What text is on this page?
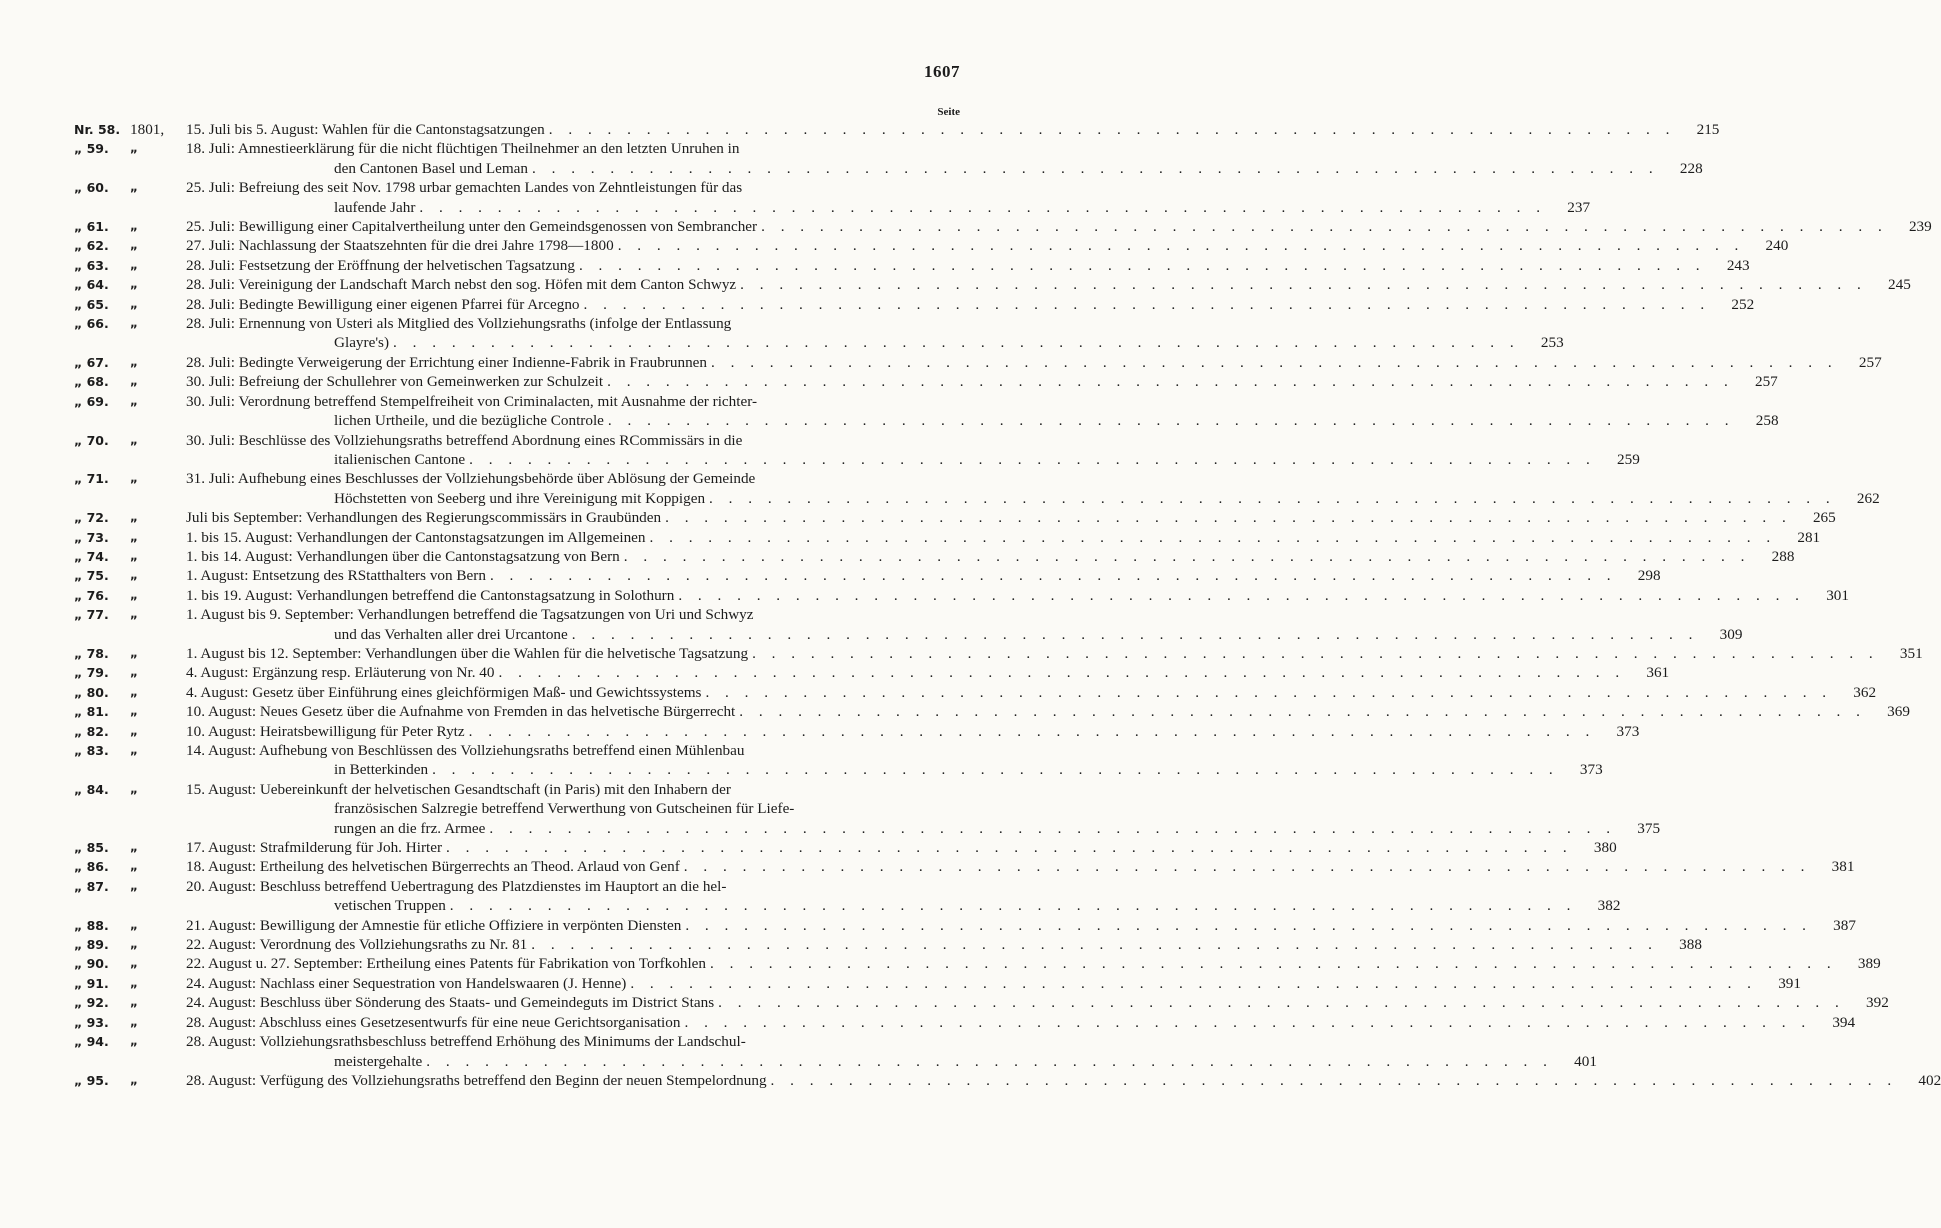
1607
Seite
Nr. 58. 1801,	15. Juli bis 5. August: Wahlen für die Cantonstagsatzungen . . . . . . . . . . . . . . . . . . . . . . . . . . . . . . . . . . . . . . . . . . . . . . . . . . . . . . . . . .	215
„ 59.	„	18. Juli: Amnestieerklärung für die nicht flüchtigen Theilnehmer an den letzten Unruhen in
den Cantonen Basel und Leman . . . . . . . . . . . . . . . . . . . . . . . . . . . . . . . . . . . . . . . . . . . . . . . . . . . . . . . . . .	228
„ 60.	„	25. Juli: Befreiung des seit Nov. 1798 urbar gemachten Landes von Zehntleistungen für das
laufende Jahr . . . . . . . . . . . . . . . . . . . . . . . . . . . . . . . . . . . . . . . . . . . . . . . . . . . . . . . . . .	237
„ 61.	„	25. Juli: Bewilligung einer Capitalvertheilung unter den Gemeindsgenossen von Sembrancher . . . . . . . . . . . . . . . . . . . . . . . . . . . . . . . . . . . . . . . . . . . . . . . . . . . . . . . . . .	239
„ 62.	„	27. Juli: Nachlassung der Staatszehnten für die drei Jahre 1798—1800 . . . . . . . . . . . . . . . . . . . . . . . . . . . . . . . . . . . . . . . . . . . . . . . . . . . . . . . . . .	240
„ 63.	„	28. Juli: Festsetzung der Eröffnung der helvetischen Tagsatzung . . . . . . . . . . . . . . . . . . . . . . . . . . . . . . . . . . . . . . . . . . . . . . . . . . . . . . . . . .	243
„ 64.	„	28. Juli: Vereinigung der Landschaft March nebst den sog. Höfen mit dem Canton Schwyz . . . . . . . . . . . . . . . . . . . . . . . . . . . . . . . . . . . . . . . . . . . . . . . . . . . . . . . . . .	245
„ 65.	„	28. Juli: Bedingte Bewilligung einer eigenen Pfarrei für Arcegno . . . . . . . . . . . . . . . . . . . . . . . . . . . . . . . . . . . . . . . . . . . . . . . . . . . . . . . . . .	252
„ 66.	„	28. Juli: Ernennung von Usteri als Mitglied des Vollziehungsraths (infolge der Entlassung
Glayre's) . . . . . . . . . . . . . . . . . . . . . . . . . . . . . . . . . . . . . . . . . . . . . . . . . . . . . . . . . .	253
„ 67.	„	28. Juli: Bedingte Verweigerung der Errichtung einer Indienne-Fabrik in Fraubrunnen . . . . . . . . . . . . . . . . . . . . . . . . . . . . . . . . . . . . . . . . . . . . . . . . . . . . . . . . . .	257
„ 68.	„	30. Juli: Befreiung der Schullehrer von Gemeinwerken zur Schulzeit . . . . . . . . . . . . . . . . . . . . . . . . . . . . . . . . . . . . . . . . . . . . . . . . . . . . . . . . . .	257
„ 69.	„	30. Juli: Verordnung betreffend Stempelfreiheit von Criminalacten, mit Ausnahme der richter-
lichen Urtheile, und die bezügliche Controle . . . . . . . . . . . . . . . . . . . . . . . . . . . . . . . . . . . . . . . . . . . . . . . . . . . . . . . . . .	258
„ 70.	„	30. Juli: Beschlüsse des Vollziehungsraths betreffend Abordnung eines RCommissärs in die
italienischen Cantone . . . . . . . . . . . . . . . . . . . . . . . . . . . . . . . . . . . . . . . . . . . . . . . . . . . . . . . . . .	259
„ 71.	„	31. Juli: Aufhebung eines Beschlusses der Vollziehungsbehörde über Ablösung der Gemeinde
Höchstetten von Seeberg und ihre Vereinigung mit Koppigen . . . . . . . . . . . . . . . . . . . . . . . . . . . . . . . . . . . . . . . . . . . . . . . . . . . . . . . . . .	262
„ 72.	„	Juli bis September: Verhandlungen des Regierungscommissärs in Graubünden . . . . . . . . . . . . . . . . . . . . . . . . . . . . . . . . . . . . . . . . . . . . . . . . . . . . . . . . . .	265
„ 73.	„	1. bis 15. August: Verhandlungen der Cantonstagsatzungen im Allgemeinen . . . . . . . . . . . . . . . . . . . . . . . . . . . . . . . . . . . . . . . . . . . . . . . . . . . . . . . . . .	281
„ 74.	„	1. bis 14. August: Verhandlungen über die Cantonstagsatzung von Bern . . . . . . . . . . . . . . . . . . . . . . . . . . . . . . . . . . . . . . . . . . . . . . . . . . . . . . . . . .	288
„ 75.	„	1. August: Entsetzung des RStatthalters von Bern . . . . . . . . . . . . . . . . . . . . . . . . . . . . . . . . . . . . . . . . . . . . . . . . . . . . . . . . . .	298
„ 76.	„	1. bis 19. August: Verhandlungen betreffend die Cantonstagsatzung in Solothurn . . . . . . . . . . . . . . . . . . . . . . . . . . . . . . . . . . . . . . . . . . . . . . . . . . . . . . . . . .	301
„ 77.	„	1. August bis 9. September: Verhandlungen betreffend die Tagsatzungen von Uri und Schwyz
und das Verhalten aller drei Urcantone . . . . . . . . . . . . . . . . . . . . . . . . . . . . . . . . . . . . . . . . . . . . . . . . . . . . . . . . . .	309
„ 78.	„	1. August bis 12. September: Verhandlungen über die Wahlen für die helvetische Tagsatzung . . . . . . . . . . . . . . . . . . . . . . . . . . . . . . . . . . . . . . . . . . . . . . . . . . . . . . . . . .	351
„ 79.	„	4. August: Ergänzung resp. Erläuterung von Nr. 40 . . . . . . . . . . . . . . . . . . . . . . . . . . . . . . . . . . . . . . . . . . . . . . . . . . . . . . . . . .	361
„ 80.	„	4. August: Gesetz über Einführung eines gleichförmigen Maß- und Gewichtssystems . . . . . . . . . . . . . . . . . . . . . . . . . . . . . . . . . . . . . . . . . . . . . . . . . . . . . . . . . .	362
„ 81.	„	10. August: Neues Gesetz über die Aufnahme von Fremden in das helvetische Bürgerrecht . . . . . . . . . . . . . . . . . . . . . . . . . . . . . . . . . . . . . . . . . . . . . . . . . . . . . . . . . .	369
„ 82.	„	10. August: Heiratsbewilligung für Peter Rytz . . . . . . . . . . . . . . . . . . . . . . . . . . . . . . . . . . . . . . . . . . . . . . . . . . . . . . . . . .	373
„ 83.	„	14. August: Aufhebung von Beschlüssen des Vollziehungsraths betreffend einen Mühlenbau
in Betterkinden . . . . . . . . . . . . . . . . . . . . . . . . . . . . . . . . . . . . . . . . . . . . . . . . . . . . . . . . . .	373
„ 84.	„	15. August: Uebereinkunft der helvetischen Gesandtschaft (in Paris) mit den Inhabern der
französischen Salzregie betreffend Verwerthung von Gutscheinen für Liefe-
rungen an die frz. Armee . . . . . . . . . . . . . . . . . . . . . . . . . . . . . . . . . . . . . . . . . . . . . . . . . . . . . . . . . .	375
„ 85.	„	17. August: Strafmilderung für Joh. Hirter . . . . . . . . . . . . . . . . . . . . . . . . . . . . . . . . . . . . . . . . . . . . . . . . . . . . . . . . . .	380
„ 86.	„	18. August: Ertheilung des helvetischen Bürgerrechts an Theod. Arlaud von Genf . . . . . . . . . . . . . . . . . . . . . . . . . . . . . . . . . . . . . . . . . . . . . . . . . . . . . . . . . .	381
„ 87.	„	20. August: Beschluss betreffend Uebertragung des Platzdienstes im Hauptort an die hel-
vetischen Truppen . . . . . . . . . . . . . . . . . . . . . . . . . . . . . . . . . . . . . . . . . . . . . . . . . . . . . . . . . .	382
„ 88.	„	21. August: Bewilligung der Amnestie für etliche Offiziere in verpönten Diensten . . . . . . . . . . . . . . . . . . . . . . . . . . . . . . . . . . . . . . . . . . . . . . . . . . . . . . . . . .	387
„ 89.	„	22. August: Verordnung des Vollziehungsraths zu Nr. 81 . . . . . . . . . . . . . . . . . . . . . . . . . . . . . . . . . . . . . . . . . . . . . . . . . . . . . . . . . .	388
„ 90.	„	22. August u. 27. September: Ertheilung eines Patents für Fabrikation von Torfkohlen . . . . . . . . . . . . . . . . . . . . . . . . . . . . . . . . . . . . . . . . . . . . . . . . . . . . . . . . . .	389
„ 91.	„	24. August: Nachlass einer Sequestration von Handelswaaren (J. Henne) . . . . . . . . . . . . . . . . . . . . . . . . . . . . . . . . . . . . . . . . . . . . . . . . . . . . . . . . . .	391
„ 92.	„	24. August: Beschluss über Sönderung des Staats- und Gemeindeguts im District Stans . . . . . . . . . . . . . . . . . . . . . . . . . . . . . . . . . . . . . . . . . . . . . . . . . . . . . . . . . .	392
„ 93.	„	28. August: Abschluss eines Gesetzesentwurfs für eine neue Gerichtsorganisation . . . . . . . . . . . . . . . . . . . . . . . . . . . . . . . . . . . . . . . . . . . . . . . . . . . . . . . . . .	394
„ 94.	„	28. August: Vollziehungsrathsbeschluss betreffend Erhöhung des Minimums der Landschul-
meistergehalte . . . . . . . . . . . . . . . . . . . . . . . . . . . . . . . . . . . . . . . . . . . . . . . . . . . . . . . . . .	401
„ 95.	„	28. August: Verfügung des Vollziehungsraths betreffend den Beginn der neuen Stempelordnung . . . . . . . . . . . . . . . . . . . . . . . . . . . . . . . . . . . . . . . . . . . . . . . . . . . . . . . . . .	402
